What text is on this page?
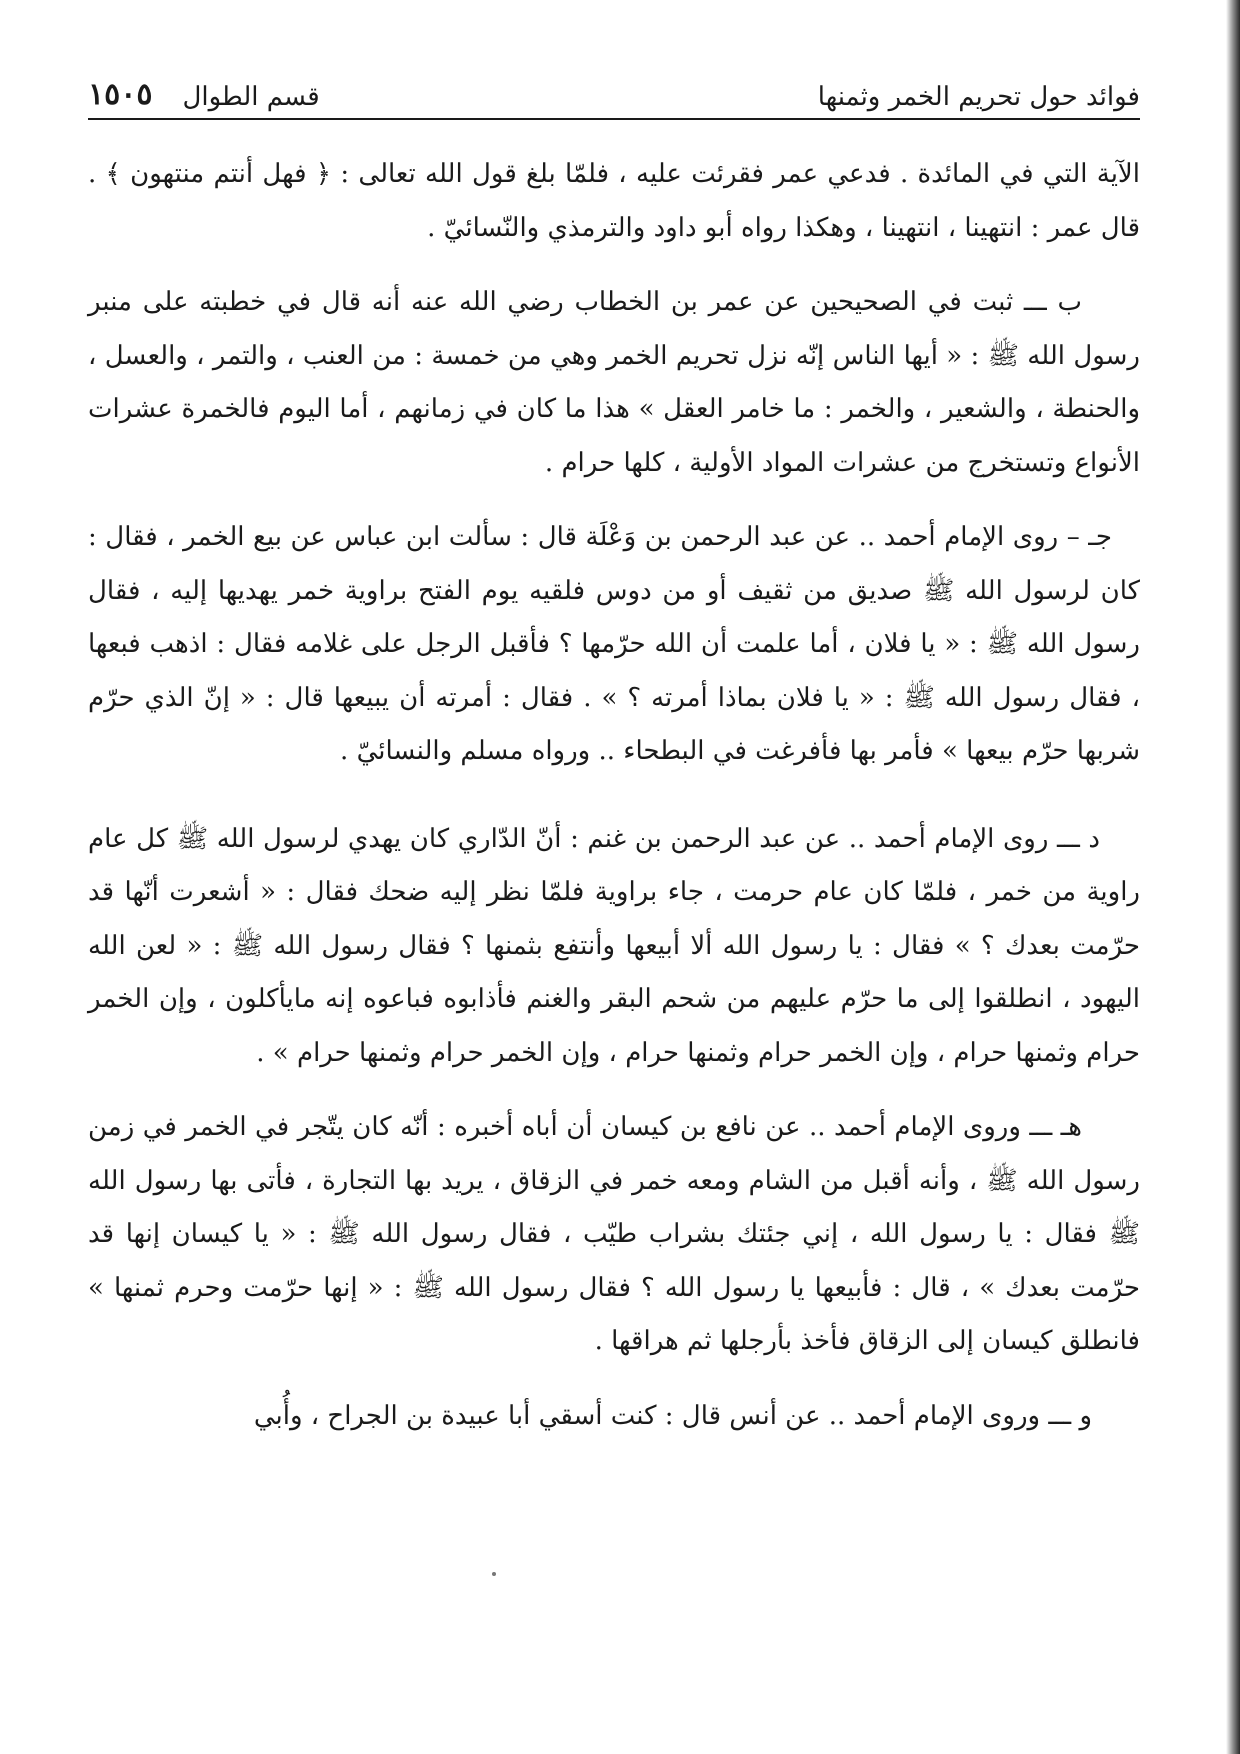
فوائد حول تحريم الخمر وثمنها
قسم الطوال
١٥٠٥

الآية التي في المائدة . فدعي عمر فقرئت عليه ، فلمّا بلغ قول الله تعالى : ﴿ فهل أنتم منتهون ﴾ . قال عمر : انتهينا ، انتهينا ، وهكذا رواه أبو داود والترمذي والنّسائيّ .

ب ـــ ثبت في الصحيحين عن عمر بن الخطاب رضي الله عنه أنه قال في خطبته على منبر رسول الله ﷺ : « أيها الناس إنّه نزل تحريم الخمر وهي من خمسة : من العنب ، والتمر ، والعسل ، والحنطة ، والشعير ، والخمر : ما خامر العقل » هذا ما كان في زمانهم ، أما اليوم فالخمرة عشرات الأنواع وتستخرج من عشرات المواد الأولية ، كلها حرام .

جـ – روى الإمام أحمد .. عن عبد الرحمن بن وَعْلَة قال : سألت ابن عباس عن بيع الخمر ، فقال : كان لرسول الله ﷺ صديق من ثقيف أو من دوس فلقيه يوم الفتح براوية خمر يهديها إليه ، فقال رسول الله ﷺ : « يا فلان ، أما علمت أن الله حرّمها ؟ فأقبل الرجل على غلامه فقال : اذهب فبعها ، فقال رسول الله ﷺ : « يا فلان بماذا أمرته ؟ » . فقال : أمرته أن يبيعها قال : « إنّ الذي حرّم شربها حرّم بيعها » فأمر بها فأفرغت في البطحاء .. ورواه مسلم والنسائيّ .

د ـــ روى الإمام أحمد .. عن عبد الرحمن بن غنم : أنّ الدّاري كان يهدي لرسول الله ﷺ كل عام راوية من خمر ، فلمّا كان عام حرمت ، جاء براوية فلمّا نظر إليه ضحك فقال : « أشعرت أنّها قد حرّمت بعدك ؟ » فقال : يا رسول الله ألا أبيعها وأنتفع بثمنها ؟ فقال رسول الله ﷺ : « لعن الله اليهود ، انطلقوا إلى ما حرّم عليهم من شحم البقر والغنم فأذابوه فباعوه إنه مايأكلون ، وإن الخمر حرام وثمنها حرام ، وإن الخمر حرام وثمنها حرام ، وإن الخمر حرام وثمنها حرام » .

هـ ـــ وروى الإمام أحمد .. عن نافع بن كيسان أن أباه أخبره : أنّه كان يتّجر في الخمر في زمن رسول الله ﷺ ، وأنه أقبل من الشام ومعه خمر في الزقاق ، يريد بها التجارة ، فأتى بها رسول الله ﷺ فقال : يا رسول الله ، إني جئتك بشراب طيّب ، فقال رسول الله ﷺ : « يا كيسان إنها قد حرّمت بعدك » ، قال : فأبيعها يا رسول الله ؟ فقال رسول الله ﷺ : « إنها حرّمت وحرم ثمنها » فانطلق كيسان إلى الزقاق فأخذ بأرجلها ثم هراقها .

و ـــ وروى الإمام أحمد .. عن أنس قال : كنت أسقي أبا عبيدة بن الجراح ، وأُبي
